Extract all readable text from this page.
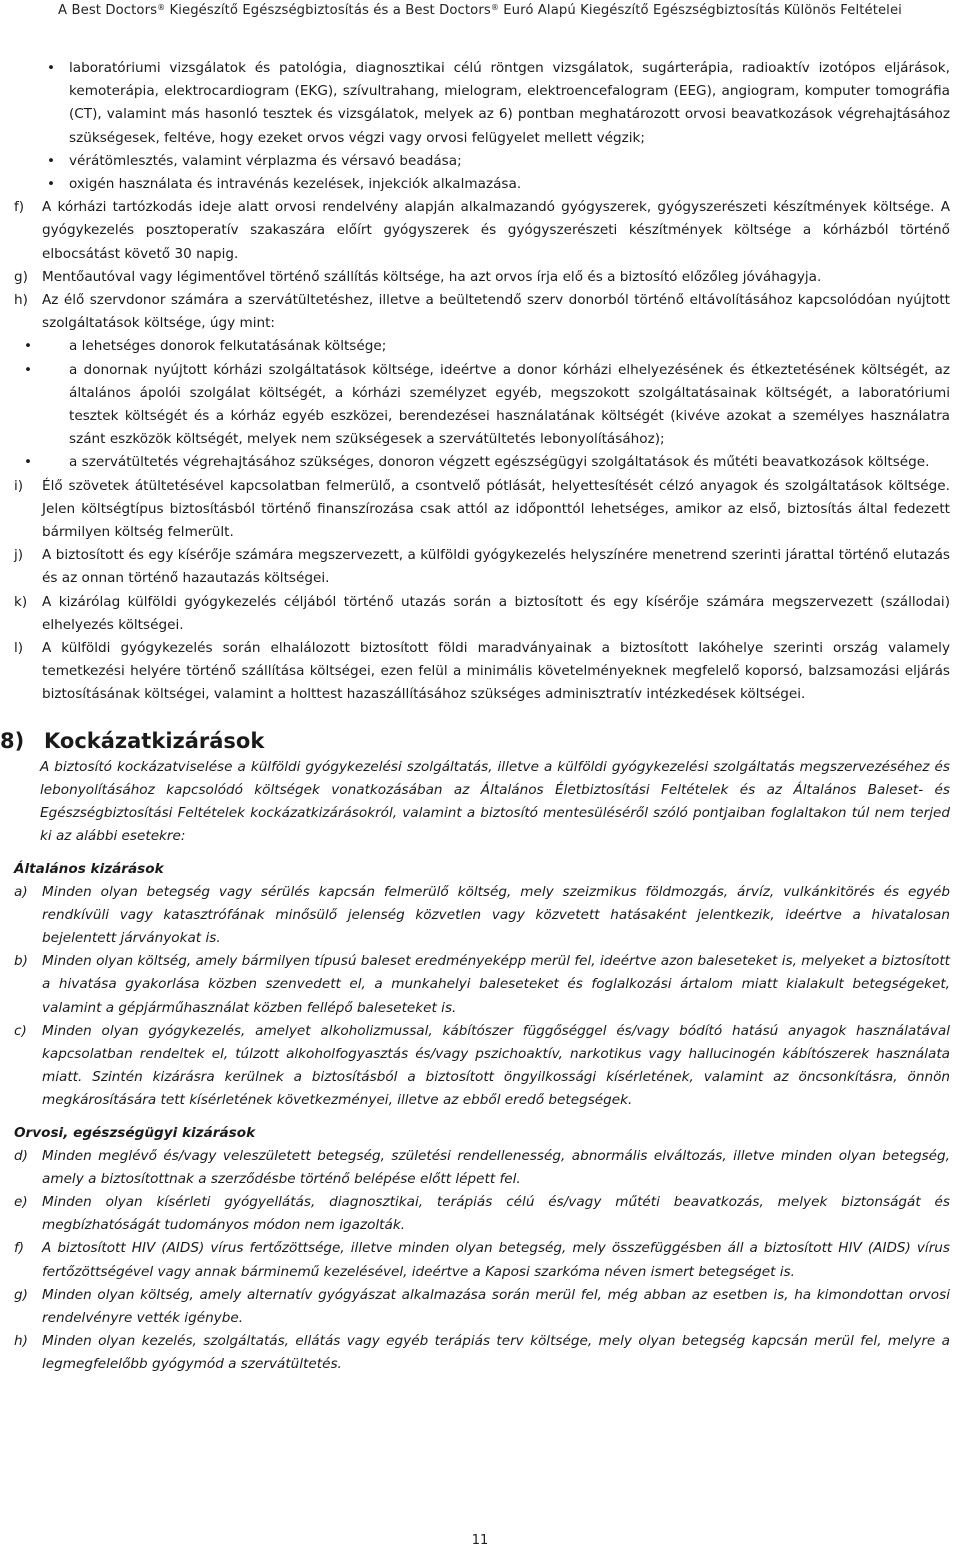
A Best Doctors® Kiegészítő Egészségbiztosítás és a Best Doctors® Euró Alapú Kiegészítő Egészségbiztosítás Különös Feltételei

• laboratóriumi vizsgálatok és patológia, diagnosztikai célú röntgen vizsgálatok, sugárterápia, radioaktív izotópos eljárások, kemoterápia, elektrocardiogram (EKG), szívultrahang, mielogram, elektroencefalogram (EEG), angiogram, komputer tomográfia (CT), valamint más hasonló tesztek és vizsgálatok, melyek az 6) pontban meghatározott orvosi beavatkozások végrehajtásához szükségesek, feltéve, hogy ezeket orvos végzi vagy orvosi felügyelet mellett végzik;

• vérátömlesztés, valamint vérplazma és vérsavó beadása;

• oxigén használata és intravénás kezelések, injekciók alkalmazása.

f) A kórházi tartózkodás ideje alatt orvosi rendelvény alapján alkalmazandó gyógyszerek, gyógyszerészeti készítmények költsége. A gyógykezelés posztoperatív szakaszára előírt gyógyszerek és gyógyszerészeti készítmények költsége a kórházból történő elbocsátást követő 30 napig.

g) Mentőautóval vagy légimentővel történő szállítás költsége, ha azt orvos írja elő és a biztosító előzőleg jóváhagyja.

h) Az élő szervdonor számára a szervátültetéshez, illetve a beültetendő szerv donorból történő eltávolításához kapcsolódóan nyújtott szolgáltatások költsége, úgy mint:

• a lehetséges donorok felkutatásának költsége;

• a donornak nyújtott kórházi szolgáltatások költsége, ideértve a donor kórházi elhelyezésének és étkeztetésének költségét, az általános ápolói szolgálat költségét, a kórházi személyzet egyéb, megszokott szolgáltatásainak költségét, a laboratóriumi tesztek költségét és a kórház egyéb eszközei, berendezései használatának költségét (kivéve azokat a személyes használatra szánt eszközök költségét, melyek nem szükségesek a szervátültetés lebonyolításához);

• a szervátültetés végrehajtásához szükséges, donoron végzett egészségügyi szolgáltatások és műtéti beavatkozások költsége.

i) Élő szövetek átültetésével kapcsolatban felmerülő, a csontvelő pótlását, helyettesítését célzó anyagok és szolgáltatások költsége. Jelen költségtípus biztosításból történő finanszírozása csak attól az időponttól lehetséges, amikor az első, biztosítás által fedezett bármilyen költség felmerült.

j) A biztosított és egy kísérője számára megszervezett, a külföldi gyógykezelés helyszínére menetrend szerinti járattal történő elutazás és az onnan történő hazautazás költségei.

k) A kizárólag külföldi gyógykezelés céljából történő utazás során a biztosított és egy kísérője számára megszervezett (szállodai) elhelyezés költségei.

l) A külföldi gyógykezelés során elhalálozott biztosított földi maradványainak a biztosított lakóhelye szerinti ország valamely temetkezési helyére történő szállítása költségei, ezen felül a minimális követelményeknek megfelelő koporsó, balzsamozási eljárás biztosításának költségei, valamint a holttest hazaszállításához szükséges adminisztratív intézkedések költségei.

8) Kockázatkizárások

A biztosító kockázatviselése a külföldi gyógykezelési szolgáltatás, illetve a külföldi gyógykezelési szolgáltatás megszervezéséhez és lebonyolításához kapcsolódó költségek vonatkozásában az Általános Életbiztosítási Feltételek és az Általános Baleset- és Egészségbiztosítási Feltételek kockázatkizárásokról, valamint a biztosító mentesüléséről szóló pontjaiban foglaltakon túl nem terjed ki az alábbi esetekre:

Általános kizárások

a) Minden olyan betegség vagy sérülés kapcsán felmerülő költség, mely szeizmikus földmozgás, árvíz, vulkánkitörés és egyéb rendkívüli vagy katasztrófának minősülő jelenség közvetlen vagy közvetett hatásaként jelentkezik, ideértve a hivatalosan bejelentett járványokat is.

b) Minden olyan költség, amely bármilyen típusú baleset eredményeképp merül fel, ideértve azon baleseteket is, melyeket a biztosított a hivatása gyakorlása közben szenvedett el, a munkahelyi baleseteket és foglalkozási ártalom miatt kialakult betegségeket, valamint a gépjárműhasználat közben fellépő baleseteket is.

c) Minden olyan gyógykezelés, amelyet alkoholizmussal, kábítószer függőséggel és/vagy bódító hatású anyagok használatával kapcsolatban rendeltek el, túlzott alkoholfogyasztás és/vagy pszichoaktív, narkotikus vagy hallucinogén kábítószerek használata miatt. Szintén kizárásra kerülnek a biztosításból a biztosított öngyilkossági kísérletének, valamint az öncsonkításra, önnön megkárosítására tett kísérletének következményei, illetve az ebből eredő betegségek.

Orvosi, egészségügyi kizárások

d) Minden meglévő és/vagy veleszületett betegség, születési rendellenesség, abnormális elváltozás, illetve minden olyan betegség, amely a biztosítottnak a szerződésbe történő belépése előtt lépett fel.

e) Minden olyan kísérleti gyógyellátás, diagnosztikai, terápiás célú és/vagy műtéti beavatkozás, melyek biztonságát és megbízhatóságát tudományos módon nem igazolták.

f) A biztosított HIV (AIDS) vírus fertőzöttsége, illetve minden olyan betegség, mely összefüggésben áll a biztosított HIV (AIDS) vírus fertőzöttségével vagy annak bárminemű kezelésével, ideértve a Kaposi szarkóma néven ismert betegséget is.

g) Minden olyan költség, amely alternatív gyógyászat alkalmazása során merül fel, még abban az esetben is, ha kimondottan orvosi rendelvényre vették igénybe.

h) Minden olyan kezelés, szolgáltatás, ellátás vagy egyéb terápiás terv költsége, mely olyan betegség kapcsán merül fel, melyre a legmegfelelőbb gyógymód a szervátültetés.

11
